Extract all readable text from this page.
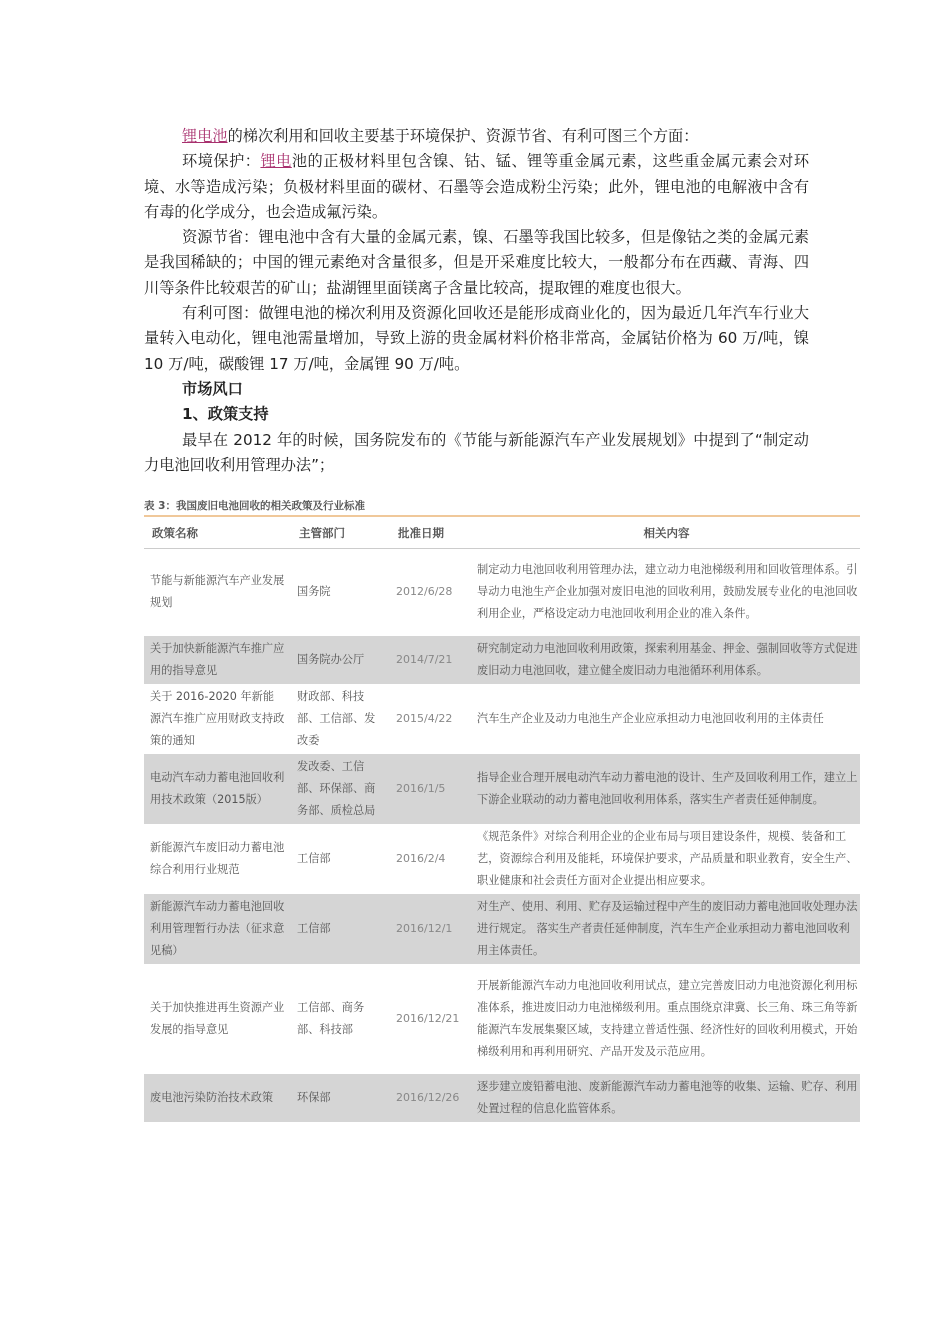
锂电池的梯次利用和回收主要基于环境保护、资源节省、有利可图三个方面：

环境保护：锂电池的正极材料里包含镍、钴、锰、锂等重金属元素，这些重金属元素会对环境、水等造成污染；负极材料里面的碳材、石墨等会造成粉尘污染；此外，锂电池的电解液中含有有毒的化学成分，也会造成氟污染。

资源节省：锂电池中含有大量的金属元素，镍、石墨等我国比较多，但是像钴之类的金属元素是我国稀缺的；中国的锂元素绝对含量很多，但是开采难度比较大，一般都分布在西藏、青海、四川等条件比较艰苦的矿山；盐湖锂里面镁离子含量比较高，提取锂的难度也很大。

有利可图：做锂电池的梯次利用及资源化回收还是能形成商业化的，因为最近几年汽车行业大量转入电动化，锂电池需量增加，导致上游的贵金属材料价格非常高，金属钴价格为 60 万/吨，镍 10 万/吨，碳酸锂 17 万/吨，金属锂 90 万/吨。

市场风口

1、政策支持

最早在 2012 年的时候，国务院发布的《节能与新能源汽车产业发展规划》中提到了“制定动力电池回收利用管理办法”；

表 3：我国废旧电池回收的相关政策及行业标准
政策名称	主管部门	批准日期	相关内容
节能与新能源汽车产业发展规划	国务院	2012/6/28	制定动力电池回收利用管理办法，建立动力电池梯级利用和回收管理体系。引导动力电池生产企业加强对废旧电池的回收利用，鼓励发展专业化的电池回收利用企业，严格设定动力电池回收利用企业的准入条件。
关于加快新能源汽车推广应用的指导意见	国务院办公厅	2014/7/21	研究制定动力电池回收利用政策，探索利用基金、押金、强制回收等方式促进废旧动力电池回收，建立健全废旧动力电池循环利用体系。
关于 2016-2020 年新能源汽车推广应用财政支持政策的通知	财政部、科技部、工信部、发改委	2015/4/22	汽车生产企业及动力电池生产企业应承担动力电池回收利用的主体责任
电动汽车动力蓄电池回收利用技术政策（2015版）	发改委、工信部、环保部、商务部、质检总局	2016/1/5	指导企业合理开展电动汽车动力蓄电池的设计、生产及回收利用工作，建立上下游企业联动的动力蓄电池回收利用体系，落实生产者责任延伸制度。
新能源汽车废旧动力蓄电池综合利用行业规范	工信部	2016/2/4	《规范条件》对综合利用企业的企业布局与项目建设条件，规模、装备和工艺，资源综合利用及能耗，环境保护要求，产品质量和职业教育，安全生产、职业健康和社会责任方面对企业提出相应要求。
新能源汽车动力蓄电池回收利用管理暂行办法（征求意见稿）	工信部	2016/12/1	对生产、使用、利用、贮存及运输过程中产生的废旧动力蓄电池回收处理办法进行规定。 落实生产者责任延伸制度，汽车生产企业承担动力蓄电池回收利用主体责任。
关于加快推进再生资源产业发展的指导意见	工信部、商务部、科技部	2016/12/21	开展新能源汽车动力电池回收利用试点，建立完善废旧动力电池资源化利用标准体系，推进废旧动力电池梯级利用。重点围绕京津冀、长三角、珠三角等新能源汽车发展集聚区域，支持建立普适性强、经济性好的回收利用模式，开始梯级利用和再利用研究、产品开发及示范应用。
废电池污染防治技术政策	环保部	2016/12/26	逐步建立废铅蓄电池、废新能源汽车动力蓄电池等的收集、运输、贮存、利用处置过程的信息化监管体系。
